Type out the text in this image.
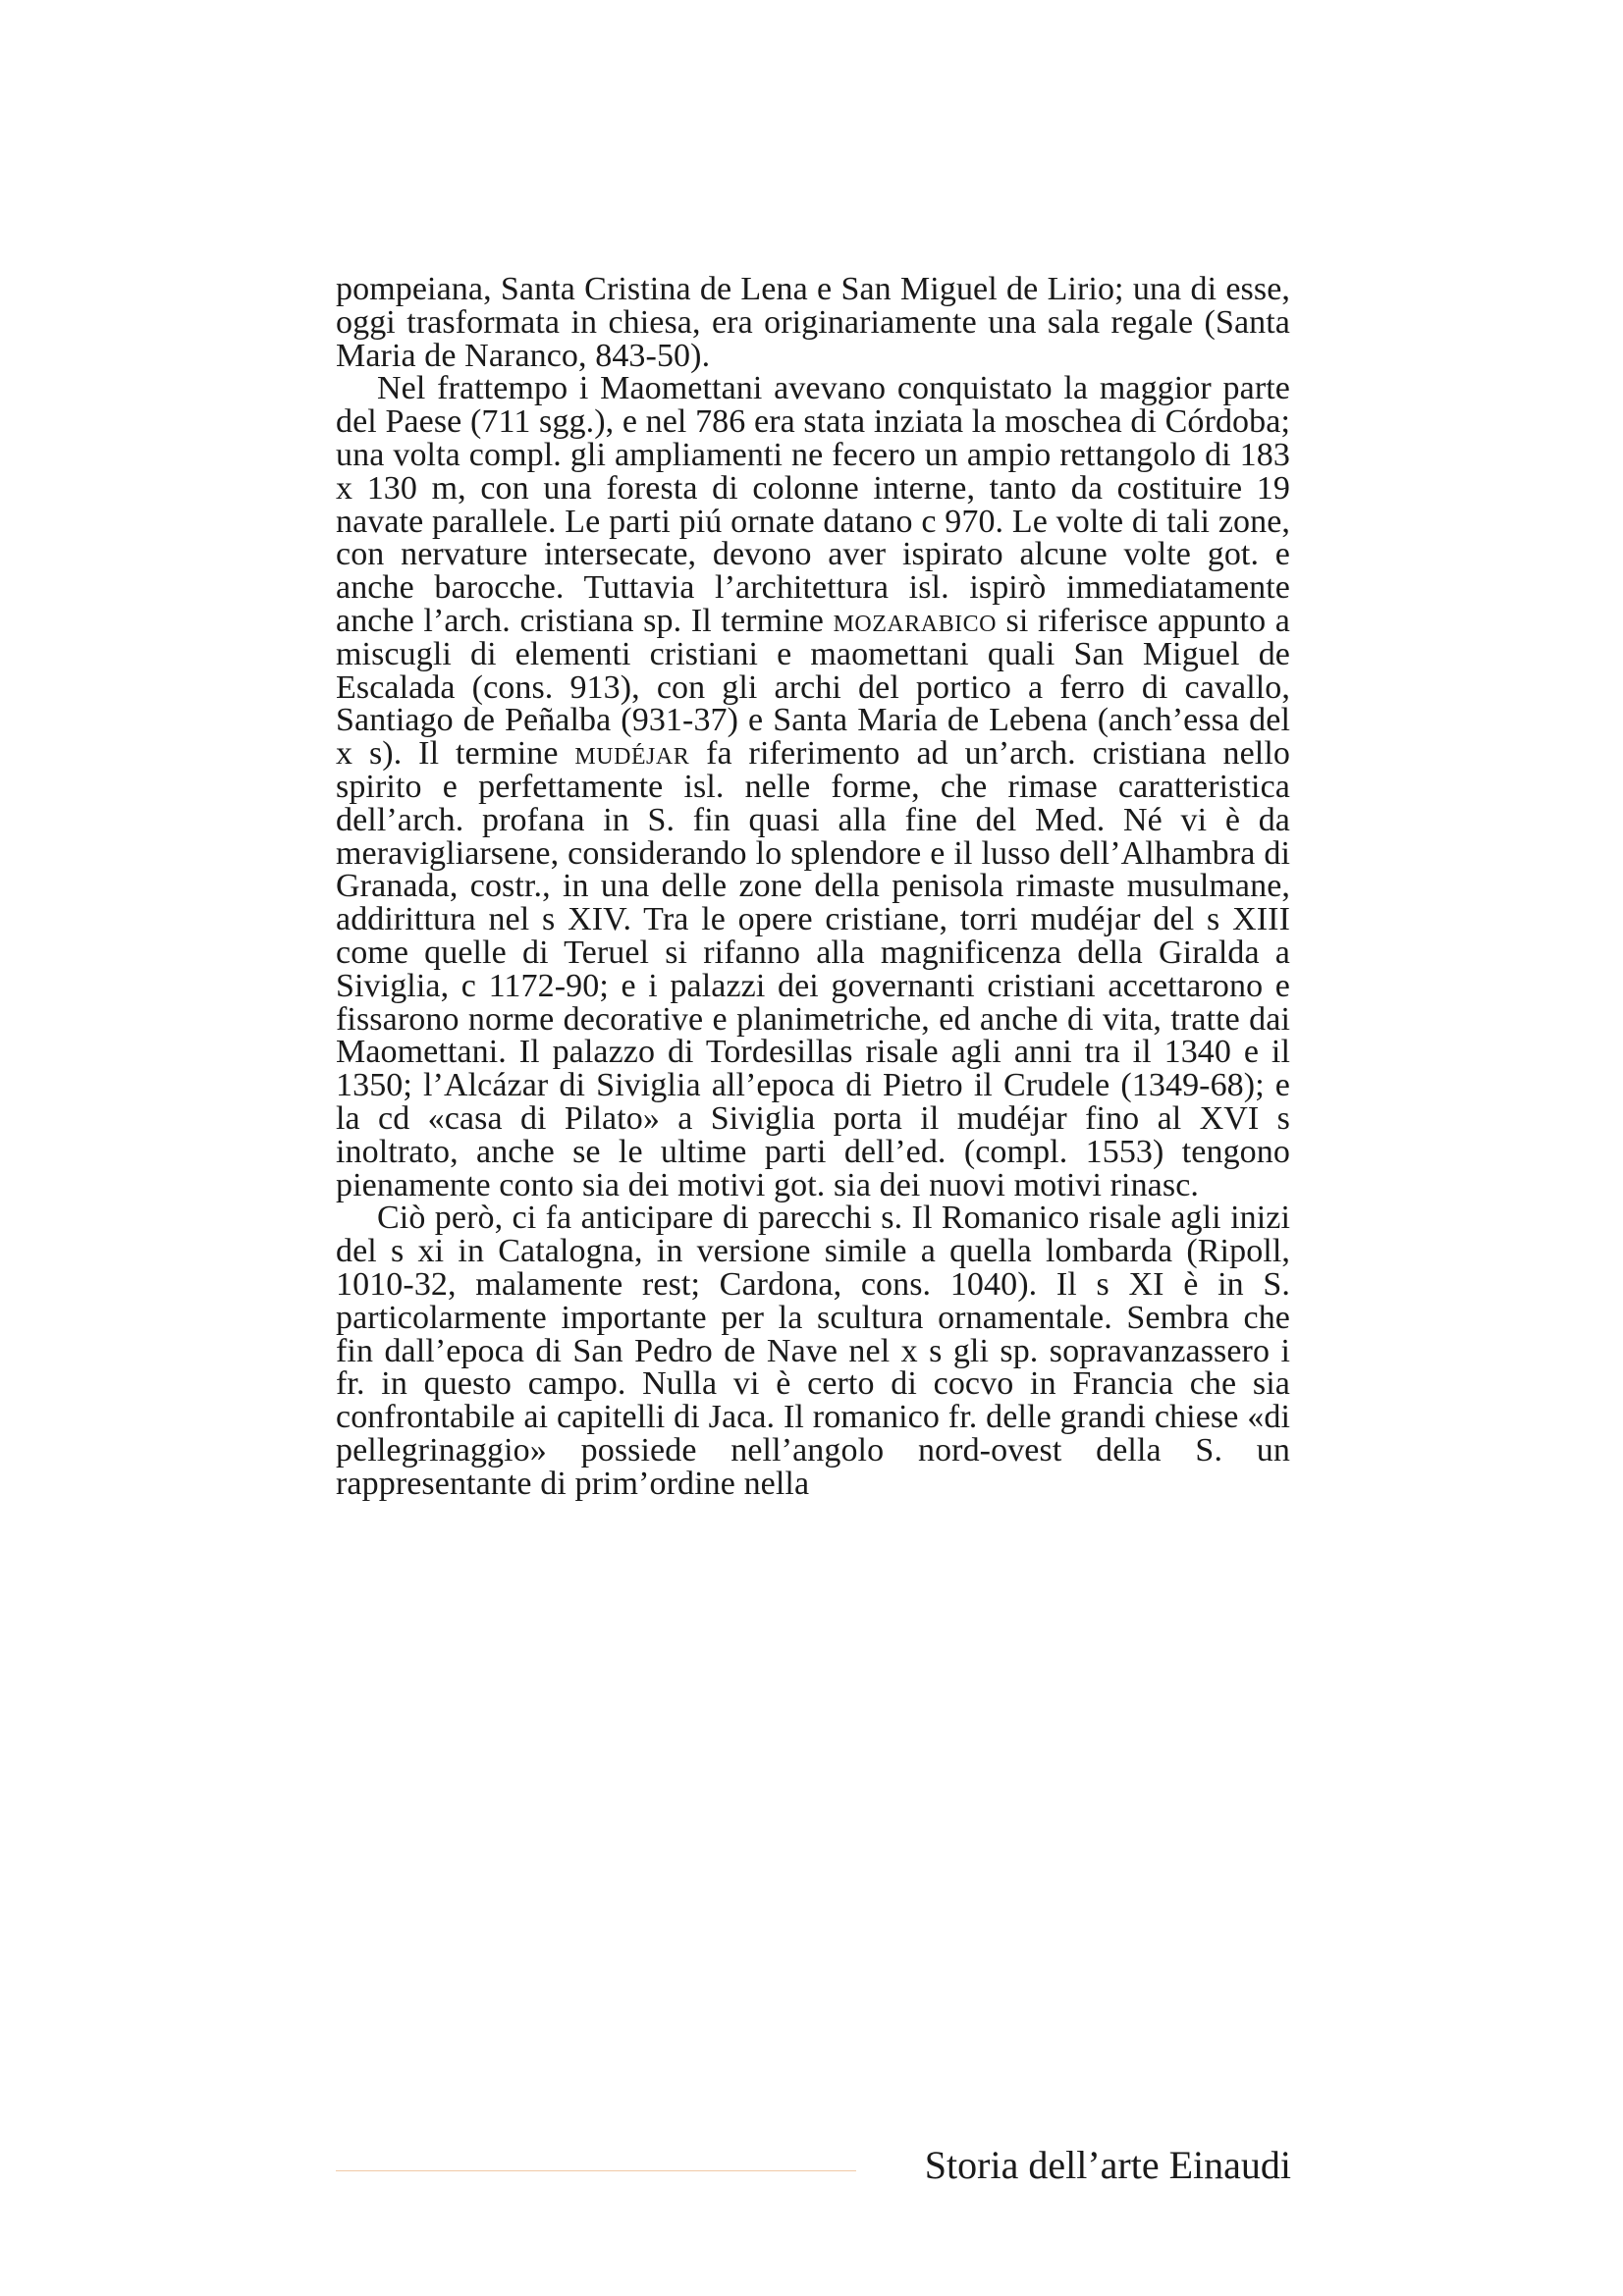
pompeiana, Santa Cristina de Lena e San Miguel de Lirio; una di esse, oggi trasformata in chiesa, era originariamente una sala regale (Santa Maria de Naranco, 843-50).

Nel frattempo i Maomettani avevano conquistato la maggior parte del Paese (711 sgg.), e nel 786 era stata inziata la moschea di Córdoba; una volta compl. gli ampliamenti ne fecero un ampio rettangolo di 183 x 130 m, con una foresta di colonne interne, tanto da costituire 19 navate parallele. Le parti piú ornate datano c 970. Le volte di tali zone, con nervature intersecate, devono aver ispirato alcune volte got. e anche barocche. Tuttavia l’architettura isl. ispirò immediatamente anche l’arch. cristiana sp. Il termine mozarabico si riferisce appunto a miscugli di elementi cristiani e maomettani quali San Miguel de Escalada (cons. 913), con gli archi del portico a ferro di cavallo, Santiago de Peñalba (931-37) e Santa Maria de Lebena (anch’essa del x s). Il termine mudéjar fa riferimento ad un’arch. cristiana nello spirito e perfettamente isl. nelle forme, che rimase caratteristica dell’arch. profana in S. fin quasi alla fine del Med. Né vi è da meravigliarsene, considerando lo splendore e il lusso dell’Alhambra di Granada, costr., in una delle zone della penisola rimaste musulmane, addirittura nel s XIV. Tra le opere cristiane, torri mudéjar del s XIII come quelle di Teruel si rifanno alla magnificenza della Giralda a Siviglia, c 1172-90; e i palazzi dei governanti cristiani accettarono e fissarono norme decorative e planimetriche, ed anche di vita, tratte dai Maomettani. Il palazzo di Tordesillas risale agli anni tra il 1340 e il 1350; l’Alcázar di Siviglia all’epoca di Pietro il Crudele (1349-68); e la cd «casa di Pilato» a Siviglia porta il mudéjar fino al XVI s inoltrato, anche se le ultime parti dell’ed. (compl. 1553) tengono pienamente conto sia dei motivi got. sia dei nuovi motivi rinasc.

Ciò però, ci fa anticipare di parecchi s. Il Romanico risale agli inizi del s xi in Catalogna, in versione simile a quella lombarda (Ripoll, 1010-32, malamente rest; Cardona, cons. 1040). Il s XI è in S. particolarmente importante per la scultura ornamentale. Sembra che fin dall’epoca di San Pedro de Nave nel x s gli sp. sopravanzassero i fr. in questo campo. Nulla vi è certo di cocvo in Francia che sia confrontabile ai capitelli di Jaca. Il romanico fr. delle grandi chiese «di pellegrinaggio» possiede nell’angolo nord-ovest della S. un rappresentante di prim’ordine nella

Storia dell’arte Einaudi
